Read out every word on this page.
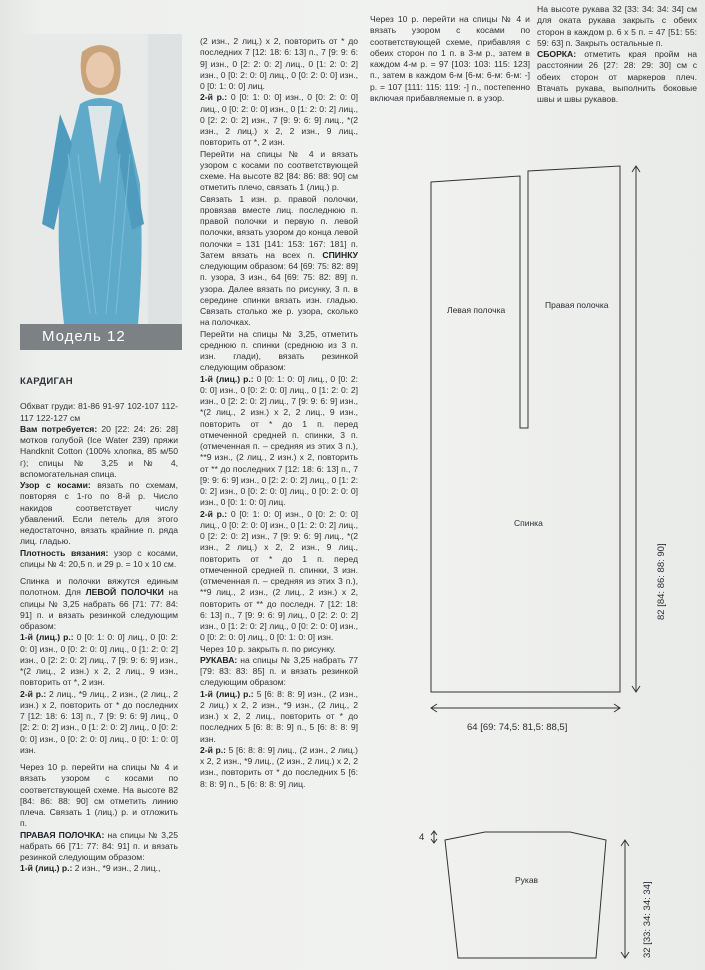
Модель 12

КАРДИГАН

Обхват груди: 81-86 91-97 102-107 112-117 122-127 см

Вам потребуется: 20 [22: 24: 26: 28] мотков голубой (Ice Water 239) пряжи Handknit Cotton (100% хлопка, 85 м/50 г); спицы № 3,25 и № 4, вспомогательная спица.

Узор с косами: вязать по схемам, повторяя с 1-го по 8-й р. Число накидов соответствует числу убавлений. Если петель для этого недостаточно, вязать крайние п. ряда лиц. гладью.

Плотность вязания: узор с косами, спицы № 4: 20,5 п. и 29 р. = 10 х 10 см.

Спинка и полочки вяжутся единым полотном. Для ЛЕВОЙ ПОЛОЧКИ на спицы № 3,25 набрать 66 [71: 77: 84: 91] п. и вязать резинкой следующим образом:

1-й (лиц.) р.: 0 [0: 1: 0: 0] лиц., 0 [0: 2: 0: 0] изн., 0 [0: 2: 0: 0] лиц., 0 [1: 2: 0: 2] изн., 0 [2: 2: 0: 2] лиц., 7 [9: 9: 6: 9] изн., *(2 лиц., 2 изн.) х 2, 2 лиц., 9 изн., повторить от *, 2 изн.

2-й р.: 2 лиц., *9 лиц., 2 изн., (2 лиц., 2 изн.) х 2, повторить от * до последних 7 [12: 18: 6: 13] п., 7 [9: 9: 6: 9] лиц., 0 [2: 2: 0: 2] изн., 0 [1: 2: 0: 2] лиц., 0 [0: 2: 0: 0] изн., 0 [0: 2: 0: 0] лиц., 0 [0: 1: 0: 0] изн.

Через 10 р. перейти на спицы № 4 и вязать узором с косами по соответствующей схеме. На высоте 82 [84: 86: 88: 90] см отметить линию плеча. Связать 1 (лиц.) р. и отложить п.

ПРАВАЯ ПОЛОЧКА: на спицы № 3,25 набрать 66 [71: 77: 84: 91] п. и вязать резинкой следующим образом:

1-й (лиц.) р.: 2 изн., *9 изн., 2 лиц.,

(2 изн., 2 лиц.) х 2, повторить от * до последних 7 [12: 18: 6: 13] п., 7 [9: 9: 6: 9] изн., 0 [2: 2: 0: 2] лиц., 0 [1: 2: 0: 2] изн., 0 [0: 2: 0: 0] лиц., 0 [0: 2: 0: 0] изн., 0 [0: 1: 0: 0] лиц.

2-й р.: 0 [0: 1: 0: 0] изн., 0 [0: 2: 0: 0] лиц., 0 [0: 2: 0: 0] изн., 0 [1: 2: 0: 2] лиц., 0 [2: 2: 0: 2] изн., 7 [9: 9: 6: 9] лиц., *(2 изн., 2 лиц.) х 2, 2 изн., 9 лиц., повторить от *, 2 изн.

Перейти на спицы № 4 и вязать узором с косами по соответствующей схеме. На высоте 82 [84: 86: 88: 90] см отметить плечо, связать 1 (лиц.) р.

Связать 1 изн. р. правой полочки, провязав вместе лиц. последнюю п. правой полочки и первую п. левой полочки, вязать узором до конца левой полочки = 131 [141: 153: 167: 181] п. Затем вязать на всех п. СПИНКУ следующим образом: 64 [69: 75: 82: 89] п. узора, 3 изн., 64 [69: 75: 82: 89] п. узора. Далее вязать по рисунку, 3 п. в середине спинки вязать изн. гладью. Связать столько же р. узора, сколько на полочках.

Перейти на спицы № 3,25, отметить среднюю п. спинки (среднюю из 3 п. изн. глади), вязать резинкой следующим образом:

1-й (лиц.) р.: 0 [0: 1: 0: 0] лиц., 0 [0: 2: 0: 0] изн., 0 [0: 2: 0: 0] лиц., 0 [1: 2: 0: 2] изн., 0 [2: 2: 0: 2] лиц., 7 [9: 9: 6: 9] изн., *(2 лиц., 2 изн.) х 2, 2 лиц., 9 изн., повторить от * до 1 п. перед отмеченной средней п. спинки, 3 п. (отмеченная п. – средняя из этих 3 п.), **9 изн., (2 лиц., 2 изн.) х 2, повторить от ** до последних 7 [12: 18: 6: 13] п., 7 [9: 9: 6: 9] изн., 0 [2: 2: 0: 2] лиц., 0 [1: 2: 0: 2] изн., 0 [0: 2: 0: 0] лиц., 0 [0: 2: 0: 0] изн., 0 [0: 1: 0: 0] лиц.

2-й р.: 0 [0: 1: 0: 0] изн., 0 [0: 2: 0: 0] лиц., 0 [0: 2: 0: 0] изн., 0 [1: 2: 0: 2] лиц., 0 [2: 2: 0: 2] изн., 7 [9: 9: 6: 9] лиц., *(2 изн., 2 лиц.) х 2, 2 изн., 9 лиц., повторить от * до 1 п. перед отмеченной средней п. спинки, 3 изн. (отмеченная п. – средняя из этих 3 п.), **9 лиц., 2 изн., (2 лиц., 2 изн.) х 2, повторить от ** до последн. 7 [12: 18: 6: 13] п., 7 [9: 9: 6: 9] лиц., 0 [2: 2: 0: 2] изн., 0 [1: 2: 0: 2] лиц., 0 [0: 2: 0: 0] изн., 0 [0: 2: 0: 0] лиц., 0 [0: 1: 0: 0] изн.

Через 10 р. закрыть п. по рисунку.

РУКАВА: на спицы № 3,25 набрать 77 [79: 83: 83: 85] п. и вязать резинкой следующим образом:

1-й (лиц.) р.: 5 [6: 8: 8: 9] изн., (2 изн., 2 лиц.) х 2, 2 изн., *9 изн., (2 лиц., 2 изн.) х 2, 2 лиц., повторить от * до последних 5 [6: 8: 8: 9] п., 5 [6: 8: 8: 9] изн.

2-й р.: 5 [6: 8: 8: 9] лиц., (2 изн., 2 лиц.) х 2, 2 изн., *9 лиц., (2 изн., 2 лиц.) х 2, 2 изн., повторить от * до последних 5 [6: 8: 8: 9] п., 5 [6: 8: 8: 9] лиц.

Через 10 р. перейти на спицы № 4 и вязать узором с косами по соответствующей схеме, прибавляя с обеих сторон по 1 п. в 3-м р., затем в каждом 4-м р. = 97 [103: 103: 115: 123] п., затем в каждом 6-м [6-м: 6-м: 6-м: -] р. = 107 [111: 115: 119: -] п., постепенно включая прибавляемые п. в узор.

На высоте рукава 32 [33: 34: 34: 34] см для оката рукава закрыть с обеих сторон в каждом р. 6 х 5 п. = 47 [51: 55: 59: 63] п. Закрыть остальные п.

СБОРКА: отметить края пройм на расстоянии 26 [27: 28: 29: 30] см с обеих сторон от маркеров плеч. Втачать рукава, выполнить боковые швы и швы рукавов.

Левая полочка	Правая полочка
Спинка
64 [69: 74,5: 81,5: 88,5]
82 [84: 86: 88: 90]
Рукав
4
32 [33: 34: 34: 34]
